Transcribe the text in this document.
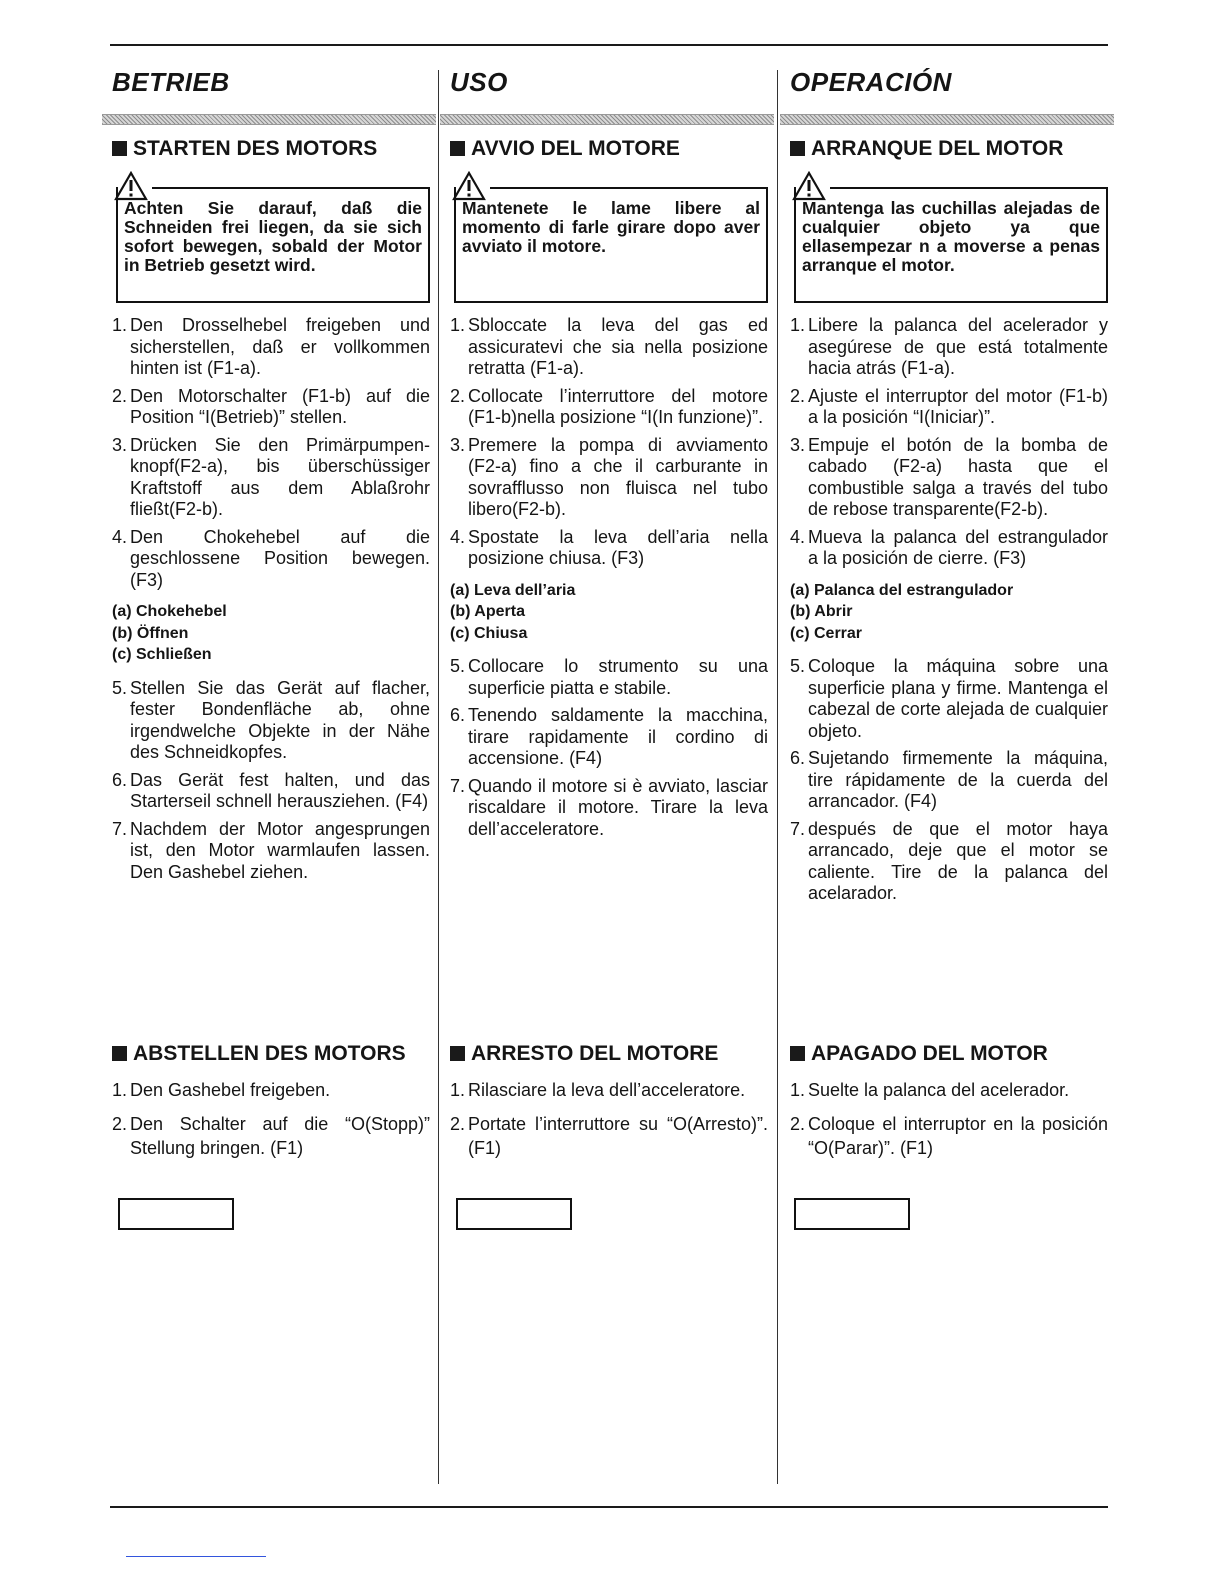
BETRIEB
STARTEN DES MOTORS
Achten Sie darauf, daß die Schneiden frei liegen, da sie sich sofort bewegen, sobald der Motor in Betrieb gesetzt wird.
1. Den Drosselhebel freigeben und sicherstellen, daß er vollkommen hinten ist (F1-a).
2. Den Motorschalter (F1-b) auf die Position “I(Betrieb)” stellen.
3. Drücken Sie den Primärpumpen-knopf(F2-a), bis überschüssiger Kraftstoff aus dem Ablaßrohr fließt(F2-b).
4. Den Chokehebel auf die geschlossene Position bewegen. (F3)
(a) Chokehebel
(b) Öffnen
(c) Schließen
5. Stellen Sie das Gerät auf flacher, fester Bondenfläche ab, ohne irgendwelche Objekte in der Nähe des Schneidkopfes.
6. Das Gerät fest halten, und das Starterseil schnell herausziehen. (F4)
7. Nachdem der Motor angesprungen ist, den Motor warmlaufen lassen. Den Gashebel ziehen.
USO
AVVIO DEL MOTORE
Mantenete le lame libere al momento di farle girare dopo aver avviato il motore.
1. Sbloccate la leva del gas ed assicuratevi che sia nella posizione retratta (F1-a).
2. Collocate l’interruttore del motore (F1-b)nella posizione “I(In funzione)”.
3. Premere la pompa di avviamento (F2-a) fino a che il carburante in sovrafflusso non fluisca nel tubo libero(F2-b).
4. Spostate la leva dell’aria nella posizione chiusa. (F3)
(a) Leva dell’aria
(b) Aperta
(c) Chiusa
5. Collocare lo strumento su una superficie piatta e stabile.
6. Tenendo saldamente la macchina, tirare rapidamente il cordino di accensione. (F4)
7. Quando il motore si è avviato, lasciar riscaldare il motore. Tirare la leva dell’acceleratore.
OPERACIÓN
ARRANQUE DEL MOTOR
Mantenga las cuchillas alejadas de cualquier objeto ya que ellasempezar n a moverse a penas arranque el motor.
1. Libere la palanca del acelerador y asegúrese de que está totalmente hacia atrás (F1-a).
2. Ajuste el interruptor del motor (F1-b) a la posición “I(Iniciar)”.
3. Empuje el botón de la bomba de cabado (F2-a) hasta que el combustible salga a través del tubo de rebose transparente(F2-b).
4. Mueva la palanca del estrangulador a la posición de cierre. (F3)
(a) Palanca del estrangulador
(b) Abrir
(c) Cerrar
5. Coloque la máquina sobre una superficie plana y firme. Mantenga el cabezal de corte alejada de cualquier objeto.
6. Sujetando firmemente la máquina, tire rápidamente de la cuerda del arrancador. (F4)
7. después de que el motor haya arrancado, deje que el motor se caliente. Tire de la palanca del acelarador.
ABSTELLEN DES MOTORS
1. Den Gashebel freigeben.
2. Den Schalter auf die “O(Stopp)” Stellung bringen. (F1)
ARRESTO DEL MOTORE
1. Rilasciare la leva dell’acceleratore.
2. Portate l’interruttore su “O(Arresto)”. (F1)
APAGADO DEL MOTOR
1. Suelte la palanca del acelerador.
2. Coloque el interruptor en la posición “O(Parar)”. (F1)
